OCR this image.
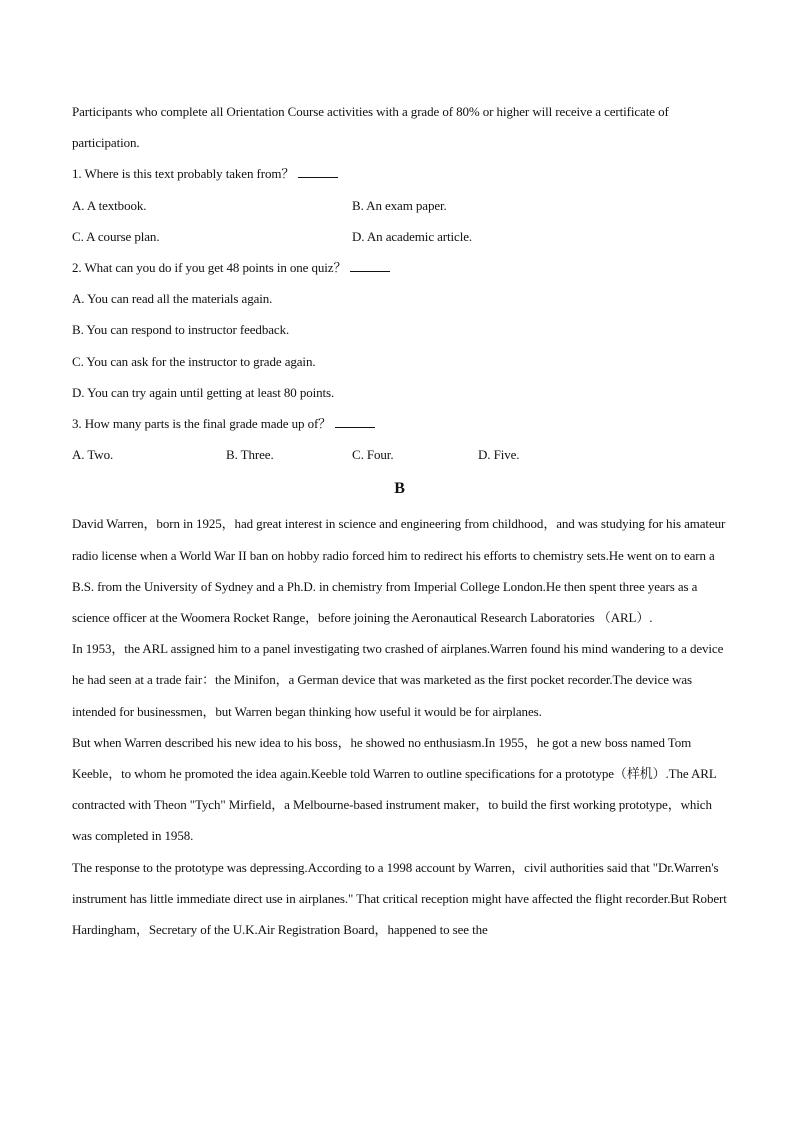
Participants who complete all Orientation Course activities with a grade of 80% or higher will receive a certificate of participation.

1. Where is this text probably taken from？

A. A textbook.	B. An exam paper.
C. A course plan.	D. An academic article.

2. What can you do if you get 48 points in one quiz？

A. You can read all the materials again.

B. You can respond to instructor feedback.

C. You can ask for the instructor to grade again.

D. You can try again until getting at least 80 points.

3. How many parts is the final grade made up of？

A. Two.	B. Three.	C. Four.	D. Five.
B

David Warren，born in 1925，had great interest in science and engineering from childhood，and was studying for his amateur radio license when a World War II ban on hobby radio forced him to redirect his efforts to chemistry sets.He went on to earn a B.S. from the University of Sydney and a Ph.D. in chemistry from Imperial College London.He then spent three years as a science officer at the Woomera Rocket Range，before joining the Aeronautical Research Laboratories （ARL）.

In 1953，the ARL assigned him to a panel investigating two crashed of airplanes.Warren found his mind wandering to a device he had seen at a trade fair：the Minifon，a German device that was marketed as the first pocket recorder.The device was intended for businessmen，but Warren began thinking how useful it would be for airplanes.

But when Warren described his new idea to his boss，he showed no enthusiasm.In 1955，he got a new boss named Tom Keeble，to whom he promoted the idea again.Keeble told Warren to outline specifications for a prototype（样机）.The ARL contracted with Theon "Tych" Mirfield，a Melbourne-based instrument maker，to build the first working prototype，which was completed in 1958.

The response to the prototype was depressing.According to a 1998 account by Warren，civil authorities said that "Dr.Warren's instrument has little immediate direct use in airplanes." That critical reception might have affected the flight recorder.But Robert Hardingham，Secretary of the U.K.Air Registration Board，happened to see the
